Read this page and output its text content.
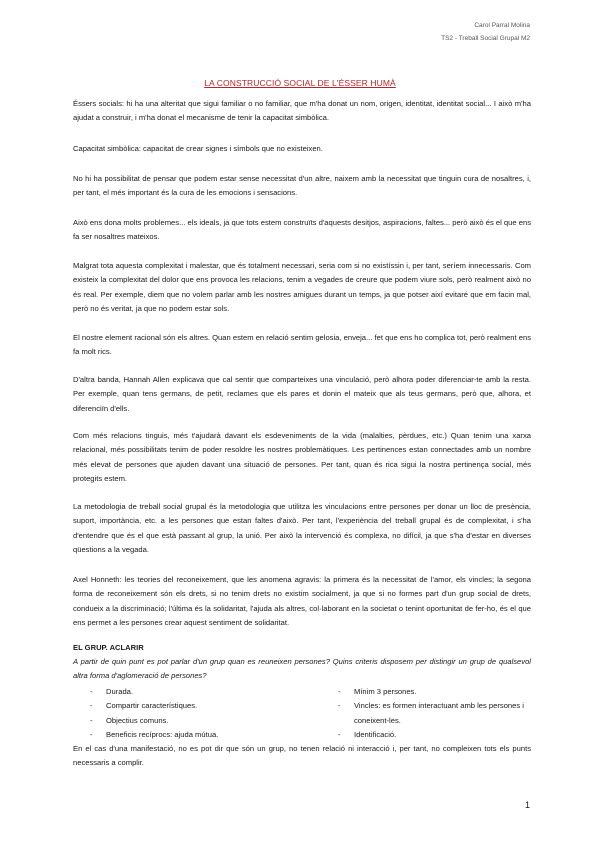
Carol Parral Molina
TS2 - Treball Social Grupal M2
LA CONSTRUCCIÓ SOCIAL DE L'ÉSSER HUMÀ

Éssers socials: hi ha una alteritat que sigui familiar o no familiar, que m'ha donat un nom, origen, identitat, identitat social... I això m'ha ajudat a construir, i m'ha donat el mecanisme de tenir la capacitat simbòlica.

Capacitat simbòlica: capacitat de crear signes i símbols que no existeixen.

No hi ha possibilitat de pensar que podem estar sense necessitat d'un altre, naixem amb la necessitat que tinguin cura de nosaltres, i, per tant, el més important és la cura de les emocions i sensacions.

Això ens dona molts problemes... els ideals, ja que tots estem construïts d'aquests desitjos, aspiracions, faltes... però això és el que ens fa ser nosaltres mateixos.

Malgrat tota aquesta complexitat i malestar, que és totalment necessari, seria com si no existíssin i, per tant, seríem innecessaris. Com existeix la complexitat del dolor que ens provoca les relacions, tenim a vegades de creure que podem viure sols, però realment això no és real. Per exemple, diem que no volem parlar amb les nostres amigues durant un temps, ja que potser així evitaré que em facin mal, però no és veritat, ja que no podem estar sols.

El nostre element racional són els altres. Quan estem en relació sentim gelosia, enveja... fet que ens ho complica tot, però realment ens fa molt rics.

D'altra banda, Hannah Allen explicava que cal sentir que comparteixes una vinculació, però alhora poder diferenciar-te amb la resta. Per exemple, quan tens germans, de petit, reclames que els pares et donin el mateix que als teus germans, però que, alhora, et diferenciïn d'ells.

Com més relacions tinguis, més t'ajudarà davant els esdeveniments de la vida (malalties, pèrdues, etc.) Quan tenim una xarxa relacional, més possibilitats tenim de poder resoldre les nostres problemàtiques. Les pertinences estan connectades amb un nombre més elevat de persones que ajuden davant una situació de persones. Per tant, quan és rica sigui la nostra pertinença social, més protegits estem.

La metodologia de treball social grupal és la metodologia que utilitza les vinculacions entre persones per donar un lloc de presència, suport, importància, etc. a les persones que estan faltes d'això. Per tant, l'experiència del treball grupal és de complexitat, i s'ha d'entendre que és el que està passant al grup, la unió. Per això la intervenció és complexa, no difícil, ja que s'ha d'estar en diverses qüestions a la vegada.

Axel Honneth: les teories del reconeixement, que les anomena agravis: la primera és la necessitat de l'amor, els vincles; la segona forma de reconeixement són els drets, si no tenim drets no existim socialment, ja que si no formes part d'un grup social de drets, condueix a la discriminació; l'última és la solidaritat, l'ajuda als altres, col·laborant en la societat o tenint oportunitat de fer-ho, és el que ens permet a les persones crear aquest sentiment de solidaritat.

EL GRUP. ACLARIR

A partir de quin punt es pot parlar d'un grup quan es reuneixen persones? Quins criteris disposem per distingir un grup de qualsevol altra forma d'aglomeració de persones?

- Durada.
- Compartir característiques.
- Objectius comuns.
- Beneficis recíprocs: ajuda mútua.
- Mínim 3 persones.
- Vincles: es formen interactuant amb les persones i coneixent-les.
- Identificació.

En el cas d'una manifestació, no es pot dir que són un grup, no tenen relació ni interacció i, per tant, no compleixen tots els punts necessaris a complir.

1
